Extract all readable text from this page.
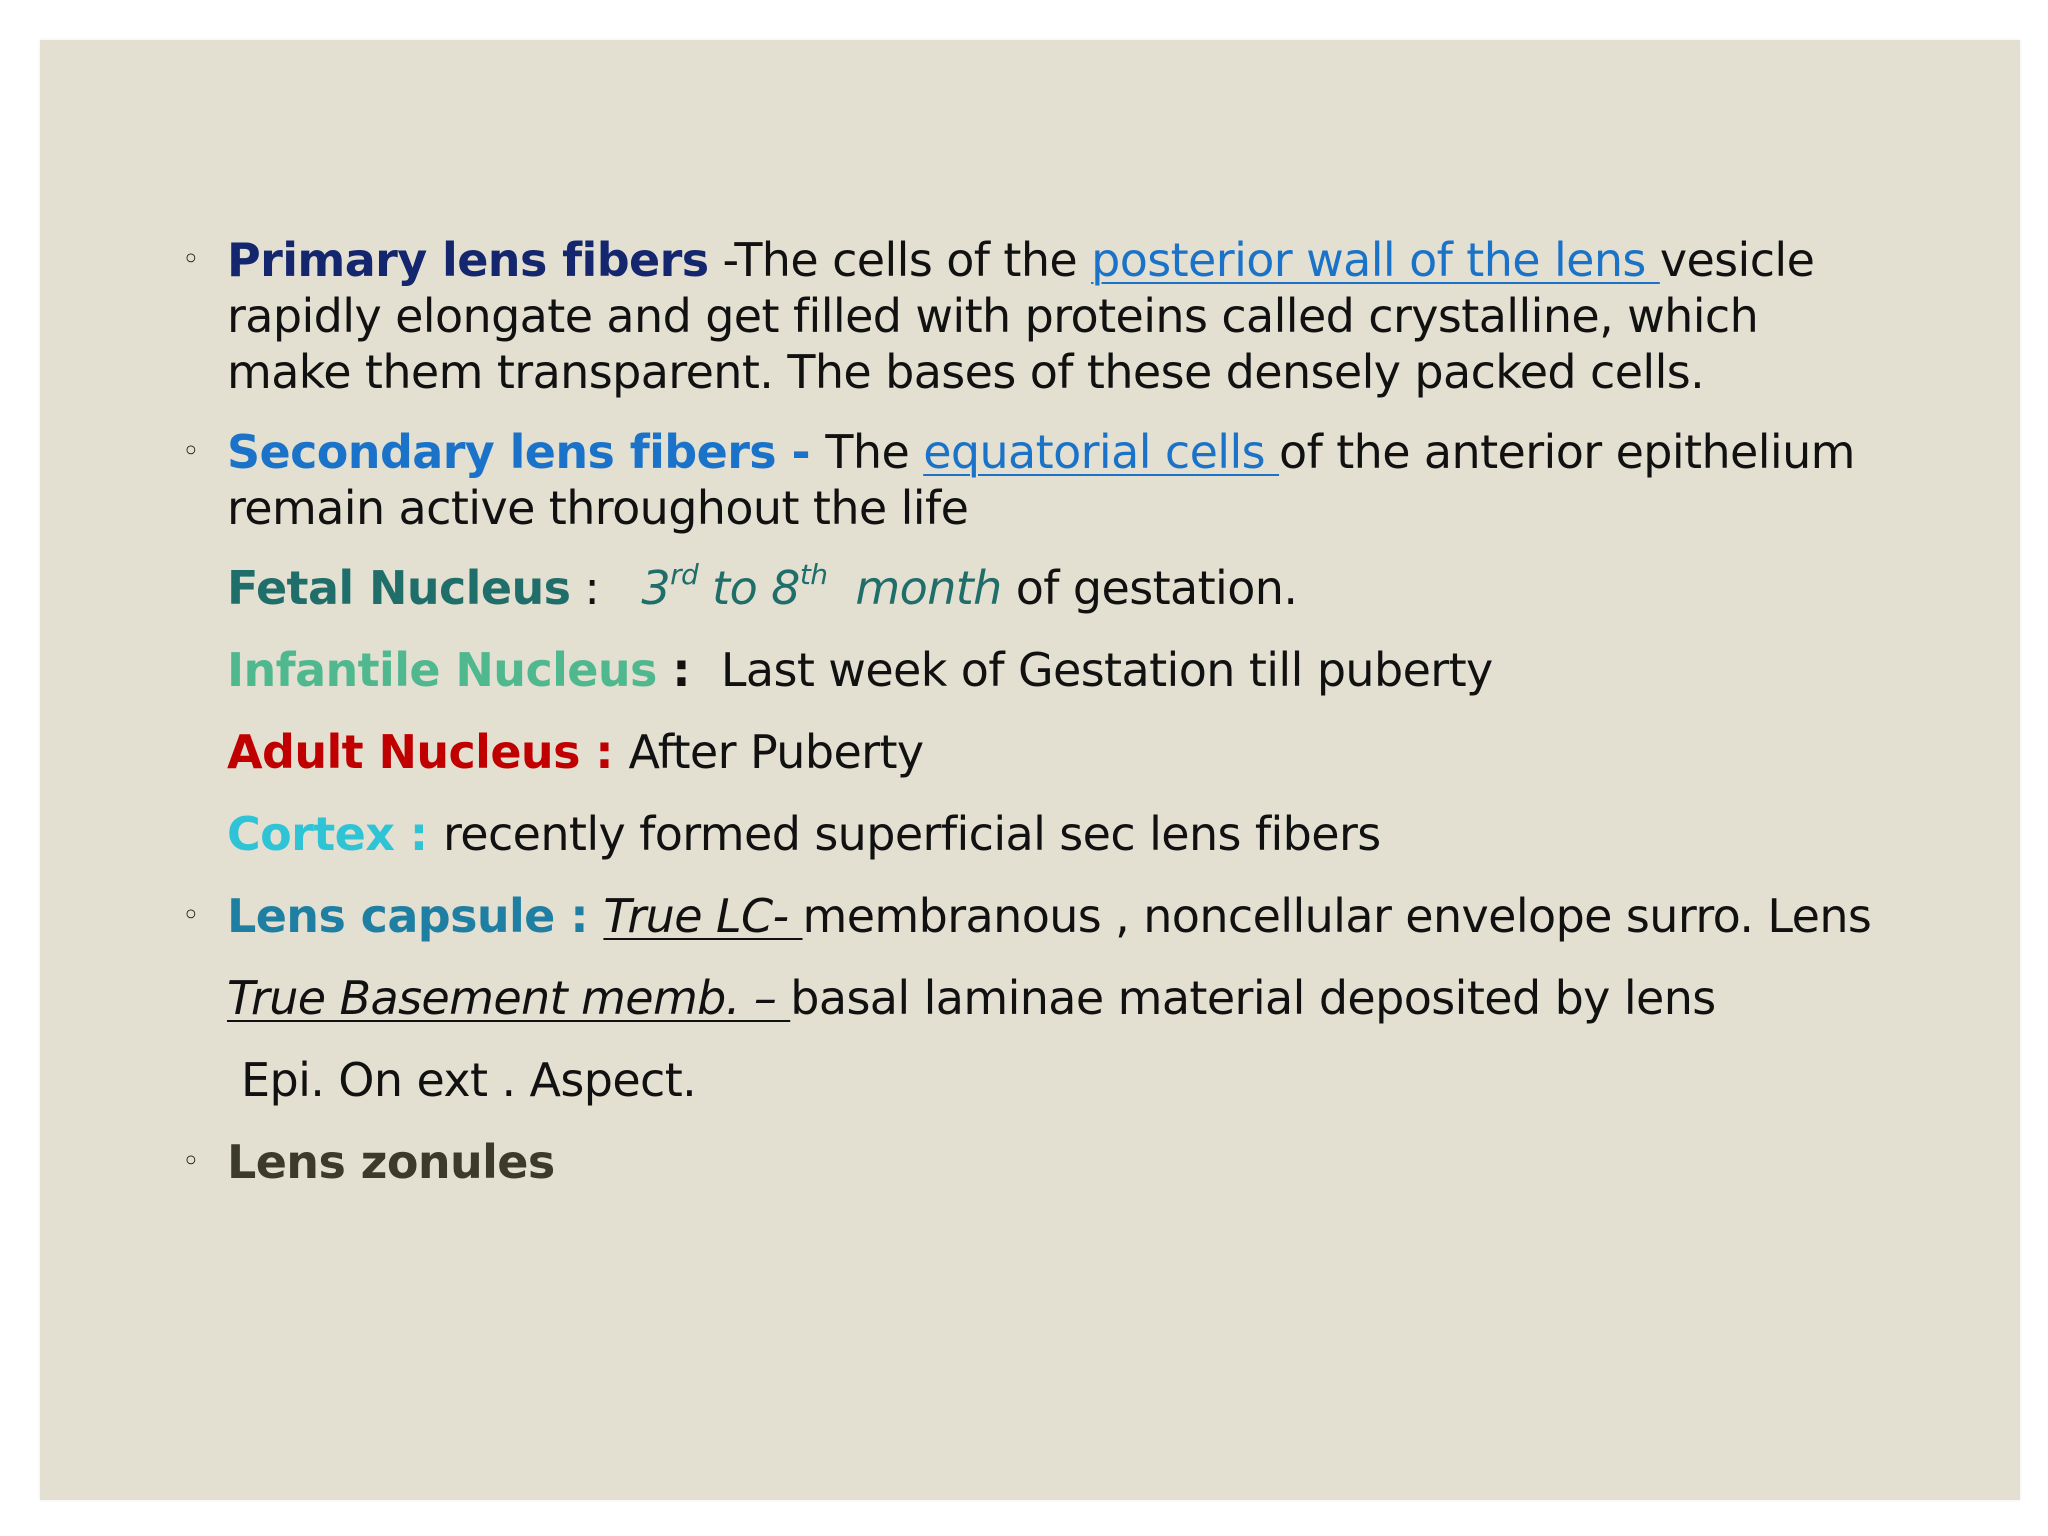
◦ Primary lens fibers -The cells of the posterior wall of the lens vesicle
rapidly elongate and get filled with proteins called crystalline, which
make them transparent. The bases of these densely packed cells.
◦ Secondary lens fibers - The equatorial cells of the anterior epithelium
remain active throughout the life
Fetal Nucleus :   3rd to 8th  month of gestation.
Infantile Nucleus :  Last week of Gestation till puberty
Adult Nucleus : After Puberty
Cortex : recently formed superficial sec lens fibers
◦ Lens capsule : True LC- membranous , noncellular envelope surro. Lens
True Basement memb. – basal laminae material deposited by lens
Epi. On ext . Aspect.
◦ Lens zonules
